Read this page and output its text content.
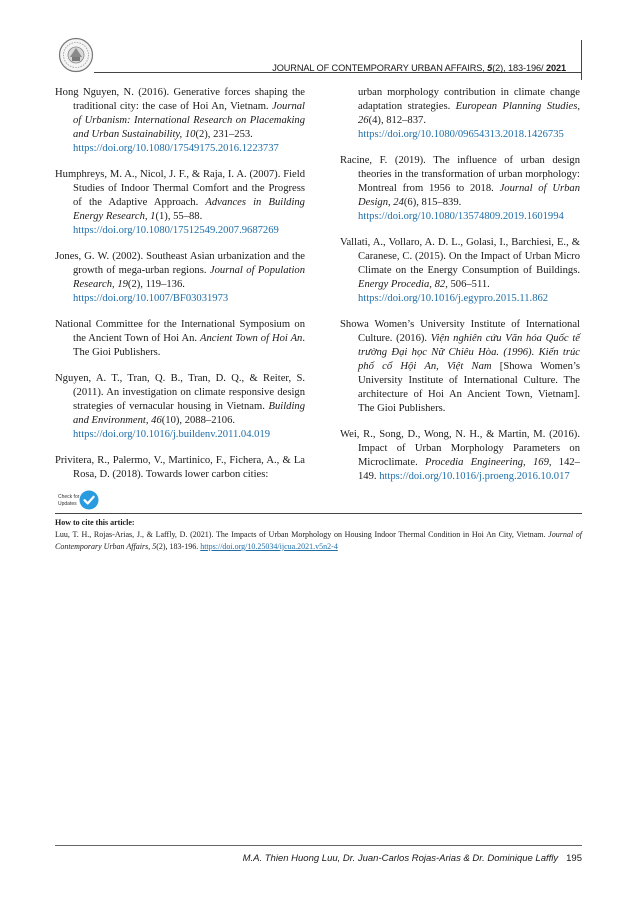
JOURNAL OF CONTEMPORARY URBAN AFFAIRS, 5(2), 183-196/ 2021

Hong Nguyen, N. (2016). Generative forces shaping the traditional city: the case of Hoi An, Vietnam. Journal of Urbanism: International Research on Placemaking and Urban Sustainability, 10(2), 231–253.
https://doi.org/10.1080/17549175.2016.1223737

Humphreys, M. A., Nicol, J. F., & Raja, I. A. (2007). Field Studies of Indoor Thermal Comfort and the Progress of the Adaptive Approach. Advances in Building Energy Research, 1(1), 55–88.
https://doi.org/10.1080/17512549.2007.9687269

Jones, G. W. (2002). Southeast Asian urbanization and the growth of mega-urban regions. Journal of Population Research, 19(2), 119–136.
https://doi.org/10.1007/BF03031973

National Committee for the International Symposium on the Ancient Town of Hoi An. Ancient Town of Hoi An. The Gioi Publishers.

Nguyen, A. T., Tran, Q. B., Tran, D. Q., & Reiter, S. (2011). An investigation on climate responsive design strategies of vernacular housing in Vietnam. Building and Environment, 46(10), 2088–2106.
https://doi.org/10.1016/j.buildenv.2011.04.019

Privitera, R., Palermo, V., Martinico, F., Fichera, A., & La Rosa, D. (2018). Towards lower carbon cities:

urban morphology contribution in climate change adaptation strategies. European Planning Studies, 26(4), 812–837.
https://doi.org/10.1080/09654313.2018.1426735

Racine, F. (2019). The influence of urban design theories in the transformation of urban morphology: Montreal from 1956 to 2018. Journal of Urban Design, 24(6), 815–839.
https://doi.org/10.1080/13574809.2019.1601994

Vallati, A., Vollaro, A. D. L., Golasi, I., Barchiesi, E., & Caranese, C. (2015). On the Impact of Urban Micro Climate on the Energy Consumption of Buildings. Energy Procedia, 82, 506–511.
https://doi.org/10.1016/j.egypro.2015.11.862

Showa Women’s University Institute of International Culture. (2016). Viện nghiên cứu Văn hóa Quốc tế trường Đại học Nữ Chiêu Hòa. (1996). Kiến trúc phố cổ Hội An, Việt Nam [Showa Women’s University Institute of International Culture. The architecture of Hoi An Ancient Town, Vietnam]. The Gioi Publishers.

Wei, R., Song, D., Wong, N. H., & Martin, M. (2016). Impact of Urban Morphology Parameters on Microclimate. Procedia Engineering, 169, 142–149. https://doi.org/10.1016/j.proeng.2016.10.017

Check for
Updates
How to cite this article:
Luu, T. H., Rojas-Arias, J., & Laffly, D. (2021). The Impacts of Urban Morphology on Housing Indoor Thermal Condition in Hoi An City, Vietnam. Journal of Contemporary Urban Affairs, 5(2), 183-196. https://doi.org/10.25034/ijcua.2021.v5n2-4
M.A. Thien Huong Luu, Dr. Juan-Carlos Rojas-Arias & Dr. Dominique Laffly 195
